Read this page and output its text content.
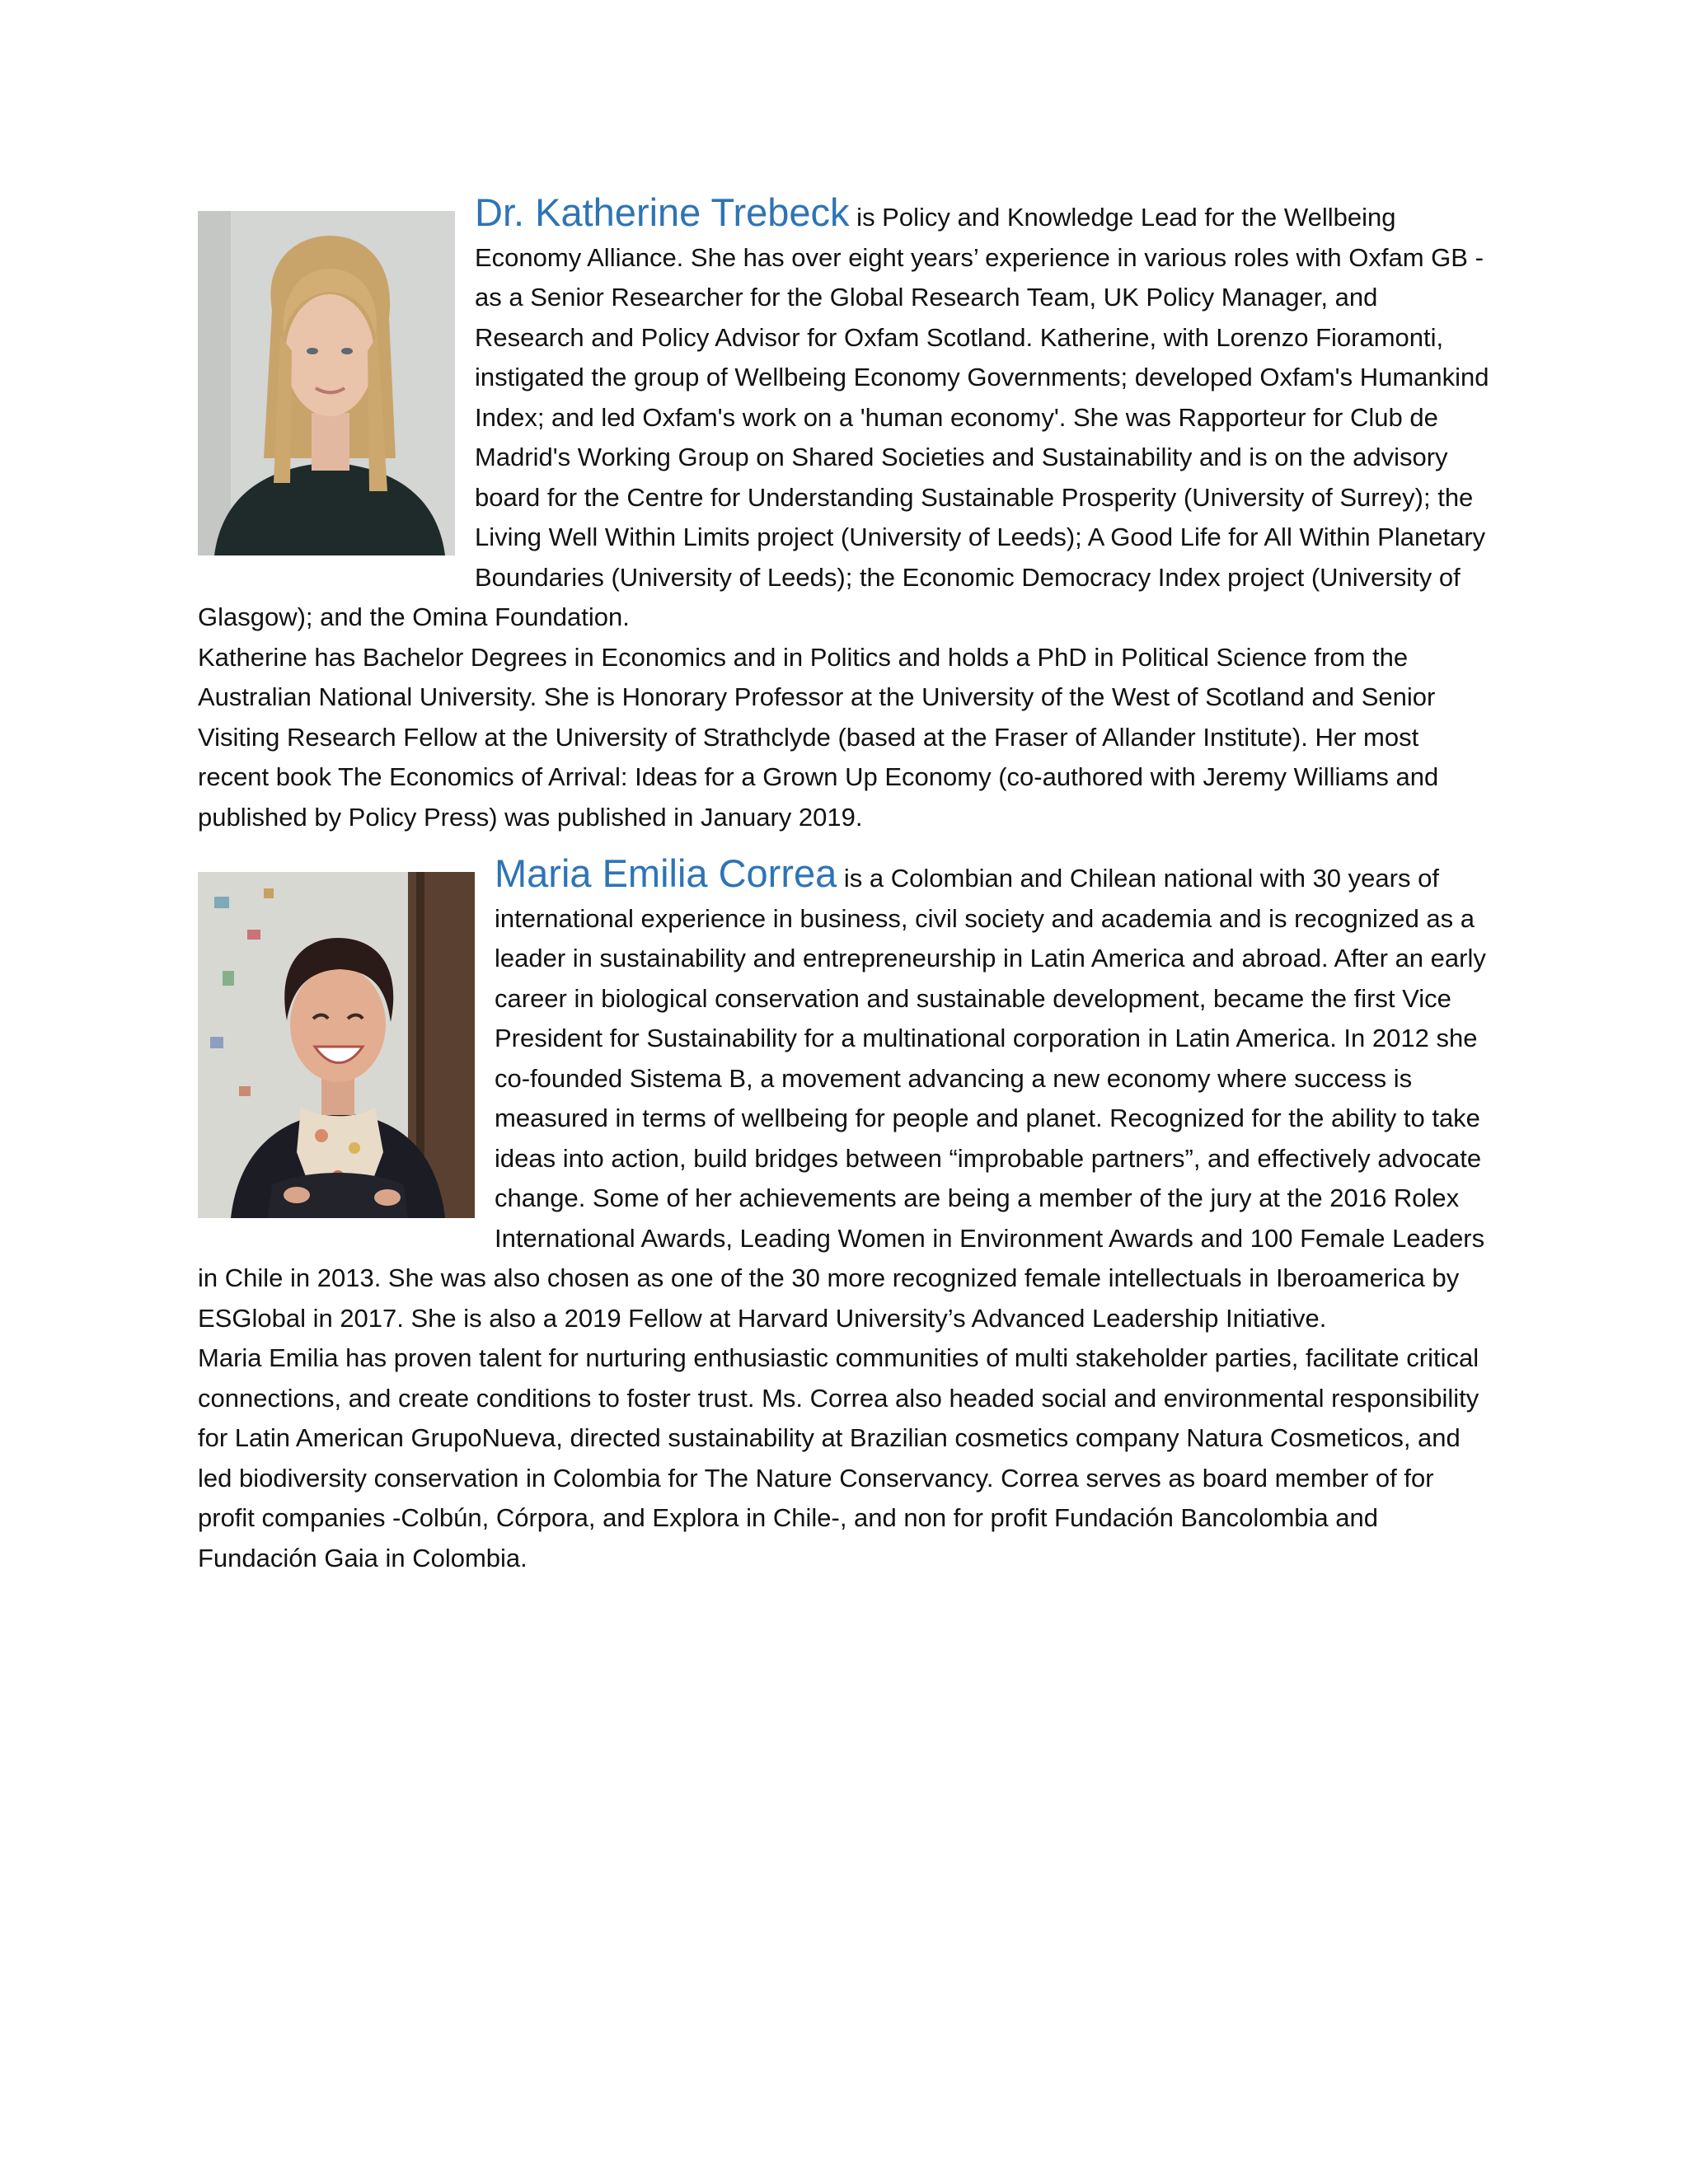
Dr. Katherine Trebeck is Policy and Knowledge Lead for the Wellbeing Economy Alliance. She has over eight years’ experience in various roles with Oxfam GB - as a Senior Researcher for the Global Research Team, UK Policy Manager, and Research and Policy Advisor for Oxfam Scotland. Katherine, with Lorenzo Fioramonti, instigated the group of Wellbeing Economy Governments; developed Oxfam's Humankind Index; and led Oxfam's work on a 'human economy'. She was Rapporteur for Club de Madrid's Working Group on Shared Societies and Sustainability and is on the advisory board for the Centre for Understanding Sustainable Prosperity (University of Surrey); the Living Well Within Limits project (University of Leeds); A Good Life for All Within Planetary Boundaries (University of Leeds); the Economic Democracy Index project (University of Glasgow); and the Omina Foundation.

Katherine has Bachelor Degrees in Economics and in Politics and holds a PhD in Political Science from the Australian National University. She is Honorary Professor at the University of the West of Scotland and Senior Visiting Research Fellow at the University of Strathclyde (based at the Fraser of Allander Institute). Her most recent book The Economics of Arrival: Ideas for a Grown Up Economy (co-authored with Jeremy Williams and published by Policy Press) was published in January 2019.

Maria Emilia Correa is a Colombian and Chilean national with 30 years of international experience in business, civil society and academia and is recognized as a leader in sustainability and entrepreneurship in Latin America and abroad. After an early career in biological conservation and sustainable development, became the first Vice President for Sustainability for a multinational corporation in Latin America. In 2012 she co-founded Sistema B, a movement advancing a new economy where success is measured in terms of wellbeing for people and planet. Recognized for the ability to take ideas into action, build bridges between “improbable partners”, and effectively advocate change. Some of her achievements are being a member of the jury at the 2016 Rolex International Awards, Leading Women in Environment Awards and 100 Female Leaders in Chile in 2013. She was also chosen as one of the 30 more recognized female intellectuals in Iberoamerica by ESGlobal in 2017. She is also a 2019 Fellow at Harvard University’s Advanced Leadership Initiative.

Maria Emilia has proven talent for nurturing enthusiastic communities of multi stakeholder parties, facilitate critical connections, and create conditions to foster trust. Ms. Correa also headed social and environmental responsibility for Latin American GrupoNueva, directed sustainability at Brazilian cosmetics company Natura Cosmeticos, and led biodiversity conservation in Colombia for The Nature Conservancy. Correa serves as board member of for profit companies -Colbún, Córpora, and Explora in Chile-, and non for profit Fundación Bancolombia and Fundación Gaia in Colombia.
